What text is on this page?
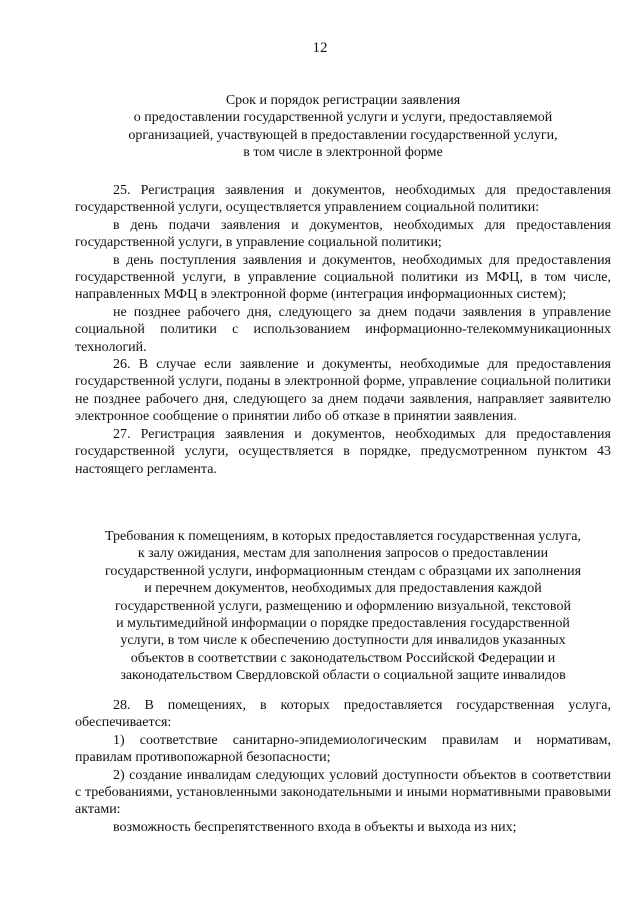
12
Срок и порядок регистрации заявления
о предоставлении государственной услуги и услуги, предоставляемой
организацией, участвующей в предоставлении государственной услуги,
в том числе в электронной форме

25. Регистрация заявления и документов, необходимых для предоставления государственной услуги, осуществляется управлением социальной политики:

в день подачи заявления и документов, необходимых для предоставления государственной услуги, в управление социальной политики;

в день поступления заявления и документов, необходимых для предоставления государственной услуги, в управление социальной политики из МФЦ, в том числе, направленных МФЦ в электронной форме (интеграция информационных систем);

не позднее рабочего дня, следующего за днем подачи заявления в управление социальной политики с использованием информационно-телекоммуникационных технологий.

26. В случае если заявление и документы, необходимые для предоставления государственной услуги, поданы в электронной форме, управление социальной политики не позднее рабочего дня, следующего за днем подачи заявления, направляет заявителю электронное сообщение о принятии либо об отказе в принятии заявления.

27. Регистрация заявления и документов, необходимых для предоставления государственной услуги, осуществляется в порядке, предусмотренном пунктом 43 настоящего регламента.

Требования к помещениям, в которых предоставляется государственная услуга,
к залу ожидания, местам для заполнения запросов о предоставлении
государственной услуги, информационным стендам с образцами их заполнения
и перечнем документов, необходимых для предоставления каждой
государственной услуги, размещению и оформлению визуальной, текстовой
и мультимедийной информации о порядке предоставления государственной
услуги, в том числе к обеспечению доступности для инвалидов указанных
объектов в соответствии с законодательством Российской Федерации и
законодательством Свердловской области о социальной защите инвалидов

28. В помещениях, в которых предоставляется государственная услуга, обеспечивается:

1) соответствие санитарно-эпидемиологическим правилам и нормативам, правилам противопожарной безопасности;

2) создание инвалидам следующих условий доступности объектов в соответствии с требованиями, установленными законодательными и иными нормативными правовыми актами:

возможность беспрепятственного входа в объекты и выхода из них;
